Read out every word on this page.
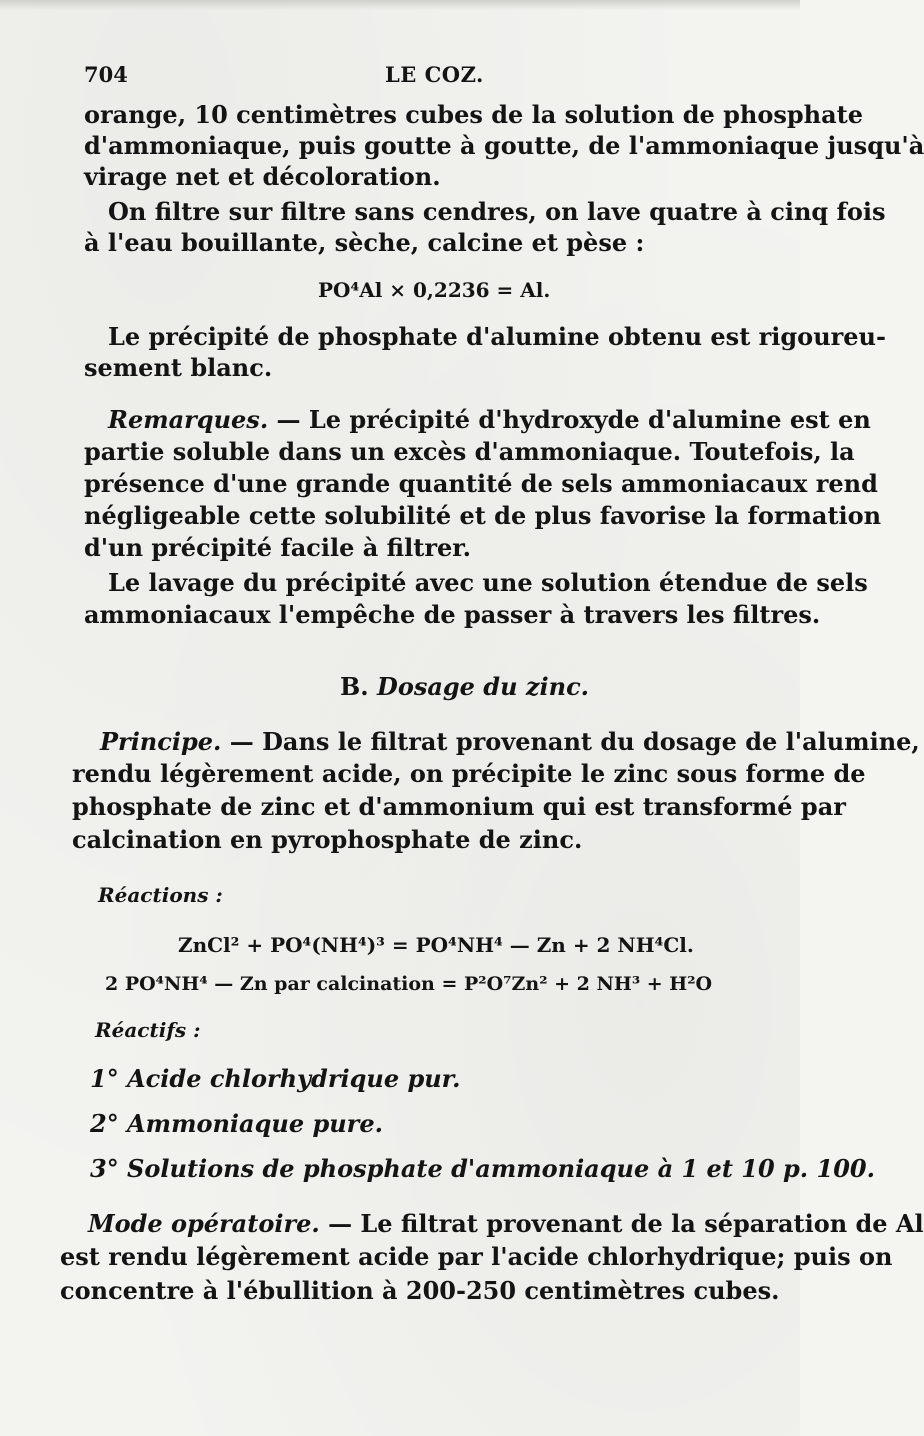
704	LE COZ.
orange, 10 centimètres cubes de la solution de phosphate
d'ammoniaque, puis goutte à goutte, de l'ammoniaque jusqu'à
virage net et décoloration.
On filtre sur filtre sans cendres, on lave quatre à cinq fois
à l'eau bouillante, sèche, calcine et pèse :
PO⁴Al × 0,2236 = Al.
Le précipité de phosphate d'alumine obtenu est rigoureu-
sement blanc.
Remarques. — Le précipité d'hydroxyde d'alumine est en
partie soluble dans un excès d'ammoniaque. Toutefois, la
présence d'une grande quantité de sels ammoniacaux rend
négligeable cette solubilité et de plus favorise la formation
d'un précipité facile à filtrer.
Le lavage du précipité avec une solution étendue de sels
ammoniacaux l'empêche de passer à travers les filtres.
B. Dosage du zinc.
Principe. — Dans le filtrat provenant du dosage de l'alumine,
rendu légèrement acide, on précipite le zinc sous forme de
phosphate de zinc et d'ammonium qui est transformé par
calcination en pyrophosphate de zinc.
Réactions :
ZnCl² + PO⁴(NH⁴)³ = PO⁴NH⁴ — Zn + 2 NH⁴Cl.
2 PO⁴NH⁴ — Zn par calcination = P²O⁷Zn² + 2 NH³ + H²O
Réactifs :
1° Acide chlorhydrique pur.
2° Ammoniaque pure.
3° Solutions de phosphate d'ammoniaque à 1 et 10 p. 100.
Mode opératoire. — Le filtrat provenant de la séparation de Al
est rendu légèrement acide par l'acide chlorhydrique; puis on
concentre à l'ébullition à 200-250 centimètres cubes.
